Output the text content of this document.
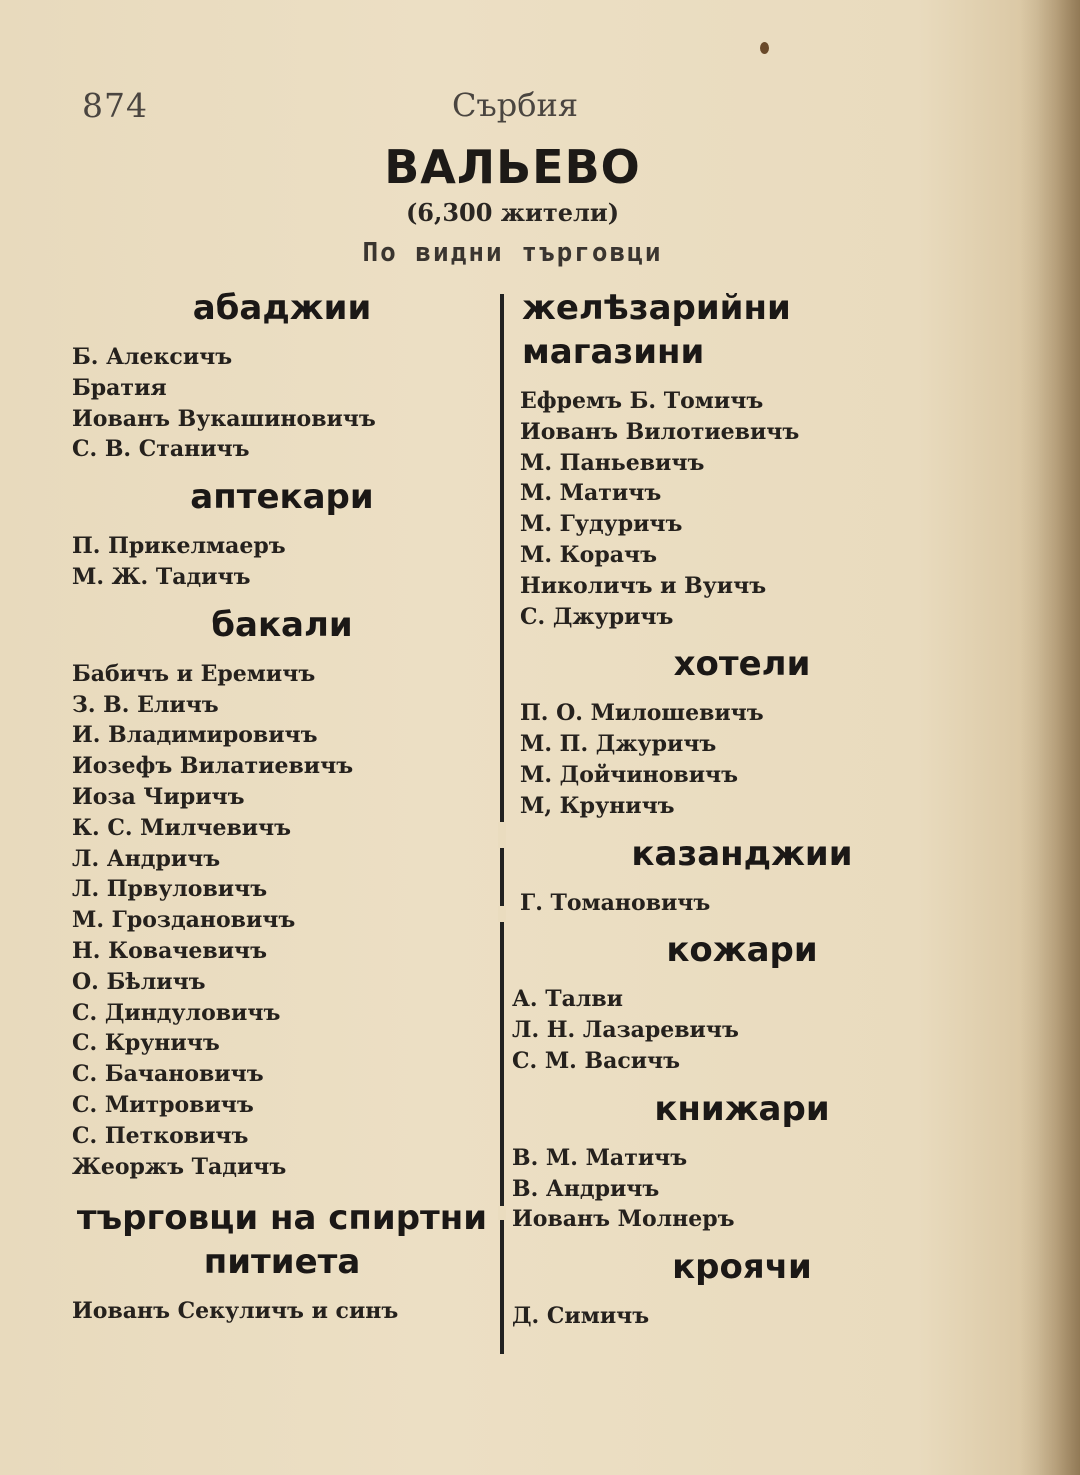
874	Сърбия
ВАЛЬЕВО
(6,300 жители)
По видни търговци
абаджии
Б. Алексичъ
Братия
Иованъ Вукашиновичъ
С. В. Станичъ
аптекари
П. Прикелмаеръ
М. Ж. Тадичъ
бакали
Бабичъ и Еремичъ
З. В. Еличъ
И. Владимировичъ
Иозефъ Вилатиевичъ
Иоза Чиричъ
К. С. Милчевичъ
Л. Андричъ
Л. Првуловичъ
М. Гроздановичъ
Н. Ковачевичъ
О. Бѣличъ
С. Диндуловичъ
С. Круничъ
С. Бачановичъ
С. Митровичъ
С. Петковичъ
Жеоржъ Тадичъ
търговци на спиртни питиета
Иованъ Секуличъ и синъ
желѣзарийни магазини
Ефремъ Б. Томичъ
Иованъ Вилотиевичъ
М. Паньевичъ
М. Матичъ
М. Гудуричъ
М. Корачъ
Николичъ и Вуичъ
С. Джуричъ
хотели
П. О. Милошевичъ
М. П. Джуричъ
М. Дойчиновичъ
М, Круничъ
казанджии
Г. Томановичъ
кожари
А. Талви
Л. Н. Лазаревичъ
С. М. Васичъ
книжари
В. М. Матичъ
В. Андричъ
Иованъ Молнеръ
кроячи
Д. Симичъ
